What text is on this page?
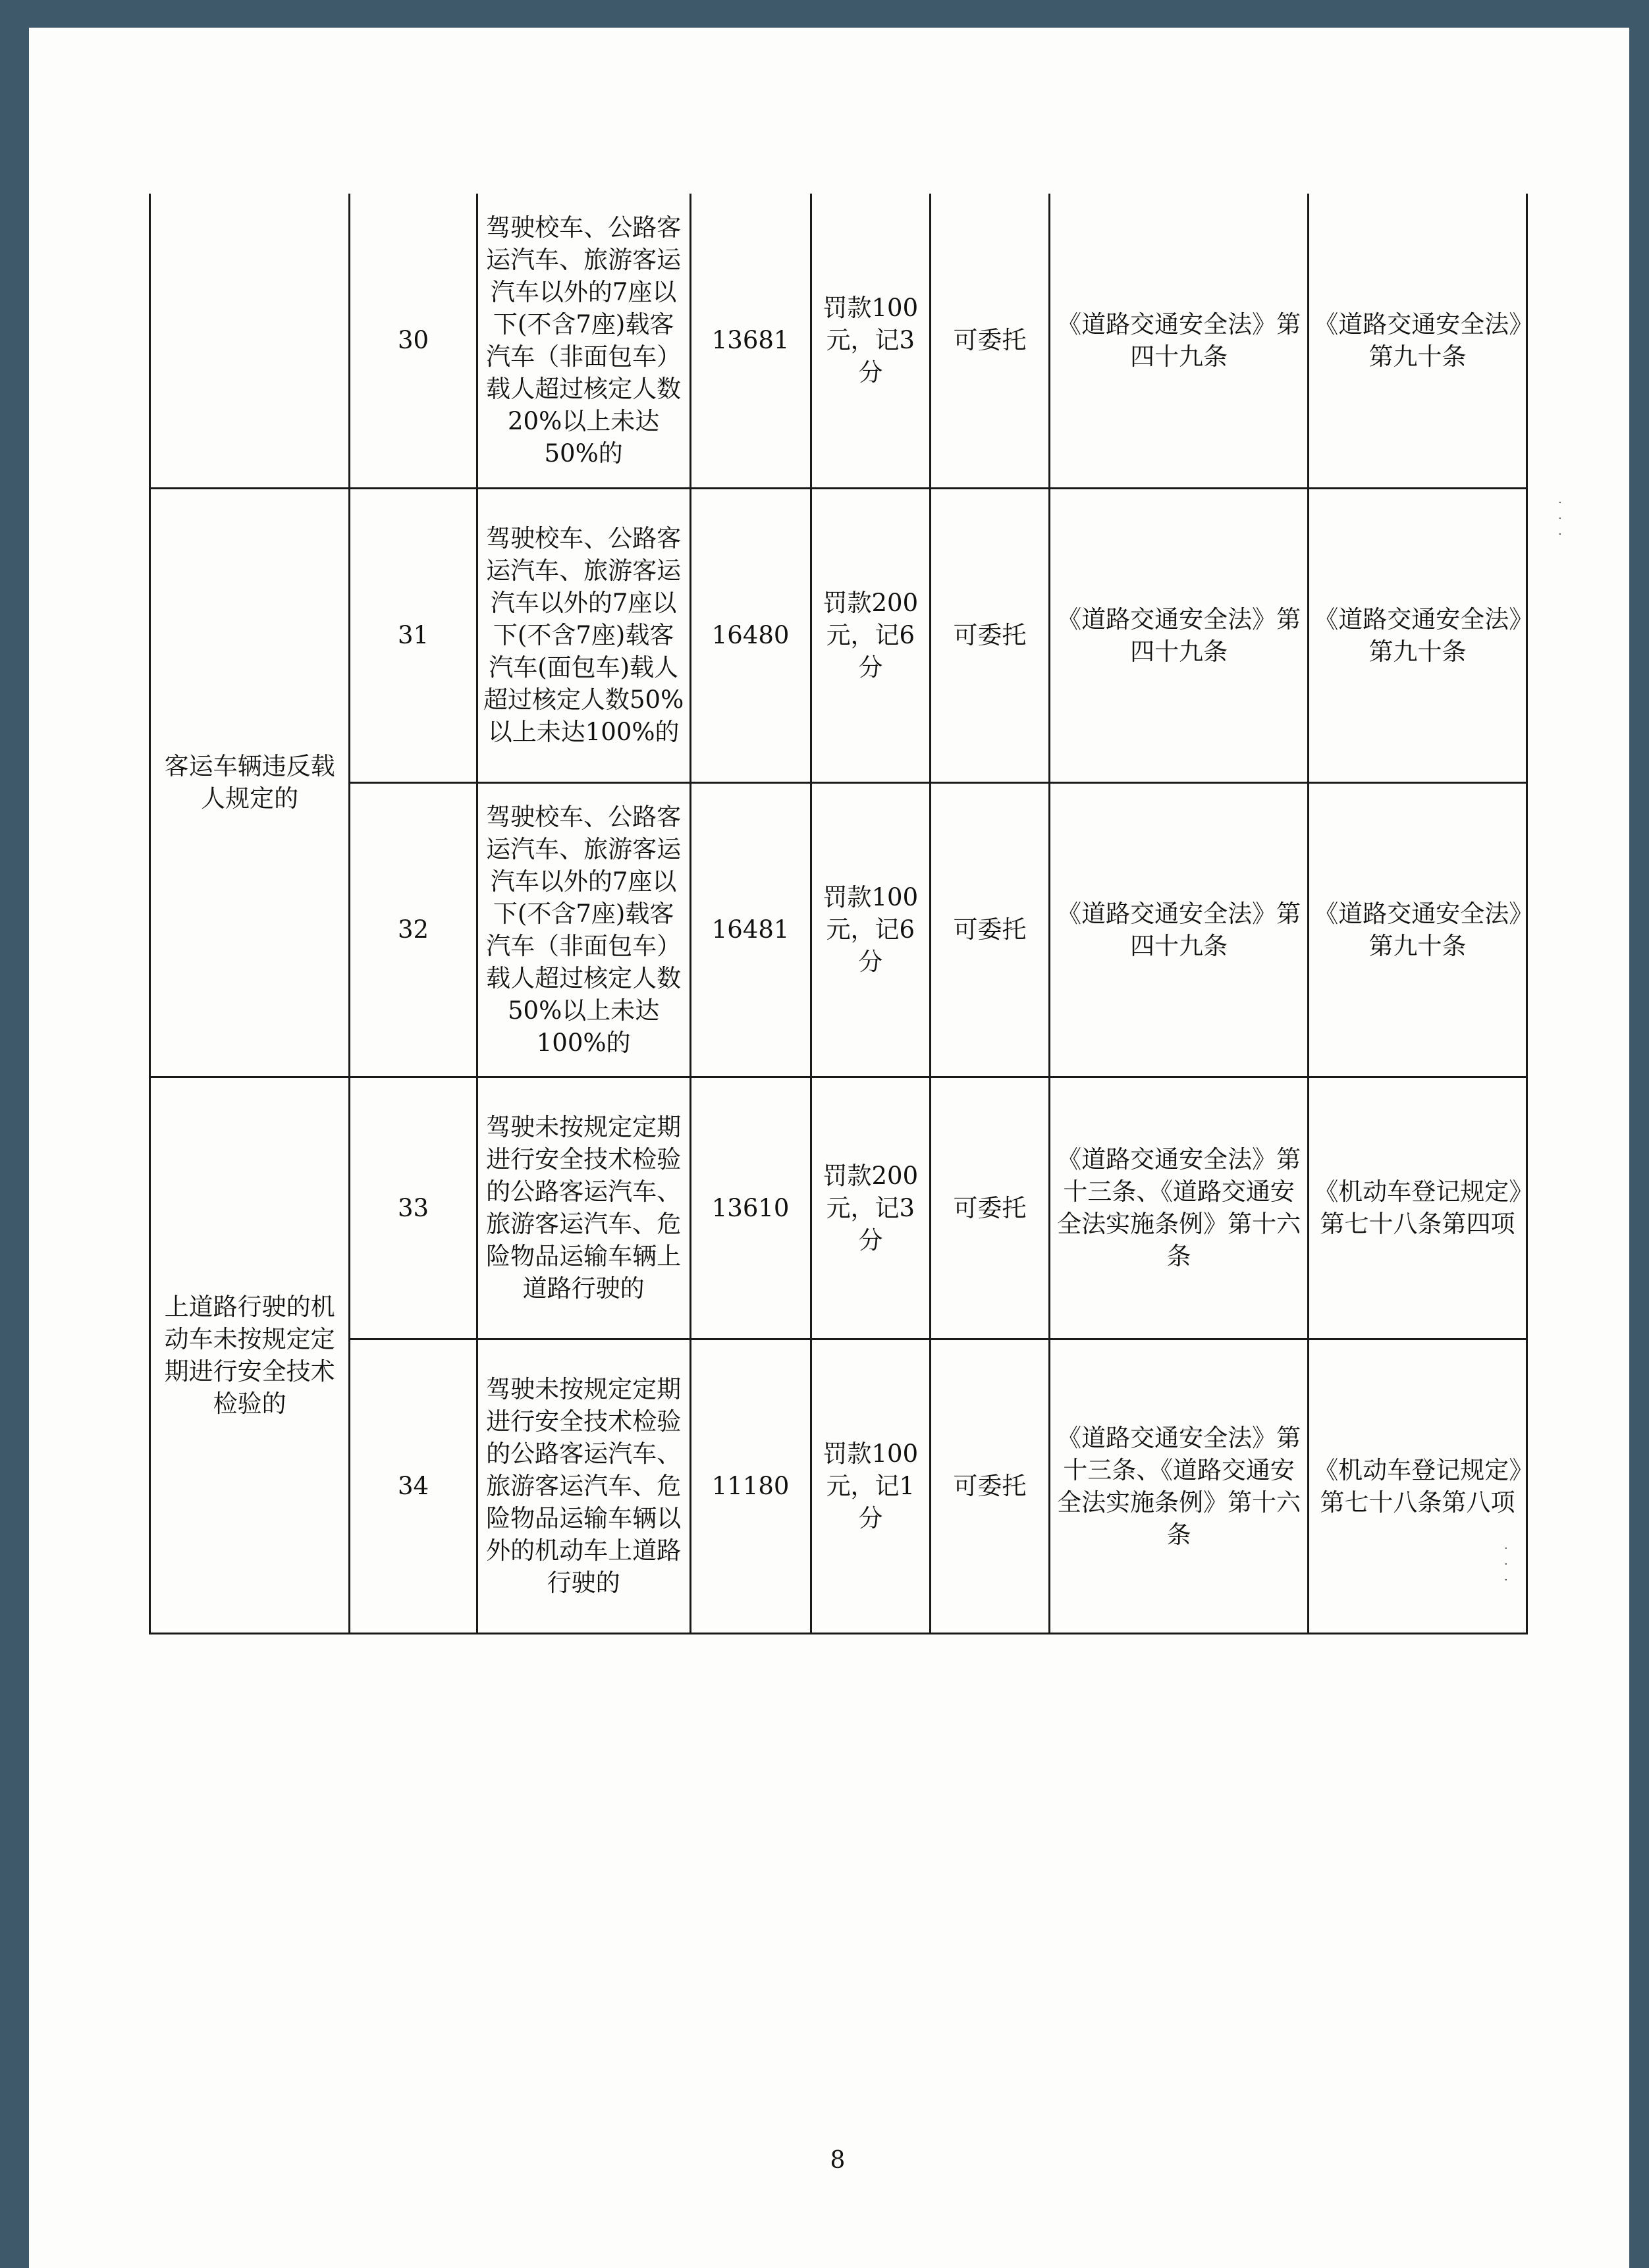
	30	驾驶校车、公路客运汽车、旅游客运汽车以外的7座以下(不含7座)载客汽车（非面包车）载人超过核定人数20%以上未达50%的	13681	罚款100元，记3分	可委托	《道路交通安全法》第四十九条	《道路交通安全法》第九十条
客运车辆违反载人规定的	31	驾驶校车、公路客运汽车、旅游客运汽车以外的7座以下(不含7座)载客汽车(面包车)载人超过核定人数50%以上未达100%的	16480	罚款200元，记6分	可委托	《道路交通安全法》第四十九条	《道路交通安全法》第九十条
	32	驾驶校车、公路客运汽车、旅游客运汽车以外的7座以下(不含7座)载客汽车（非面包车）载人超过核定人数50%以上未达100%的	16481	罚款100元，记6分	可委托	《道路交通安全法》第四十九条	《道路交通安全法》第九十条
上道路行驶的机动车未按规定定期进行安全技术检验的	33	驾驶未按规定定期进行安全技术检验的公路客运汽车、旅游客运汽车、危险物品运输车辆上道路行驶的	13610	罚款200元，记3分	可委托	《道路交通安全法》第十三条、《道路交通安全法实施条例》第十六条	《机动车登记规定》第七十八条第四项
	34	驾驶未按规定定期进行安全技术检验的公路客运汽车、旅游客运汽车、危险物品运输车辆以外的机动车上道路行驶的	11180	罚款100元，记1分	可委托	《道路交通安全法》第十三条、《道路交通安全法实施条例》第十六条	《机动车登记规定》第七十八条第八项
·
·
·
·
·
·
8
